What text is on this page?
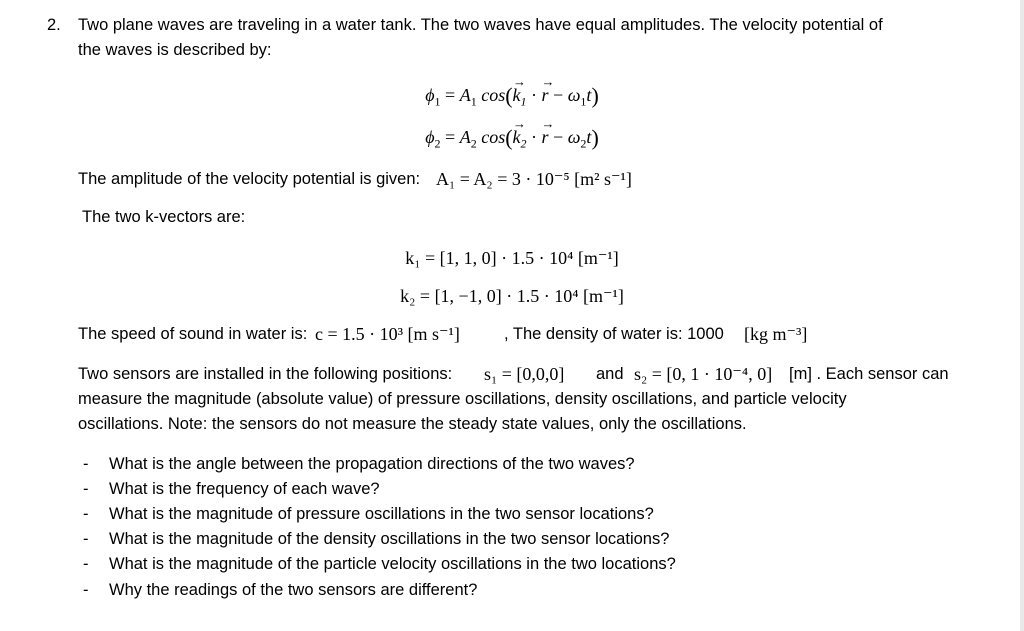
2. Two plane waves are traveling in a water tank. The two waves have equal amplitudes. The velocity potential of
the waves is described by:
$\phi_1 = A_1$ $\cos(\to k_1$ · → $r - \omega_1t$)
$\phi_2 = A_2$ $\cos(\to k_2$ · → $r - \omega_2t$)
The amplitude of the velocity potential is given: A₁ = A₂ = 3 · 10⁻⁵ [m² s⁻¹]
The two k-vectors are:
k₁ = [1, 1, 0] · 1.5 · 10⁴ [m⁻¹]
k₂ = [1, −1, 0] · 1.5 · 10⁴ [m⁻¹]
The speed of sound in water is: c = 1.5 · 10³ [m s⁻¹]	, The density of water is: 1000 [kg m⁻³]
Two sensors are installed in the following positions: s₁ = [0,0,0] and s₂ = [0, 1 · 10⁻⁴, 0] [m] . Each sensor can
measure the magnitude (absolute value) of pressure oscillations, density oscillations, and particle velocity
oscillations. Note: the sensors do not measure the steady state values, only the oscillations.
- What is the angle between the propagation directions of the two waves?
- What is the frequency of each wave?
- What is the magnitude of pressure oscillations in the two sensor locations?
- What is the magnitude of the density oscillations in the two sensor locations?
- What is the magnitude of the particle velocity oscillations in the two locations?
- Why the readings of the two sensors are different?
